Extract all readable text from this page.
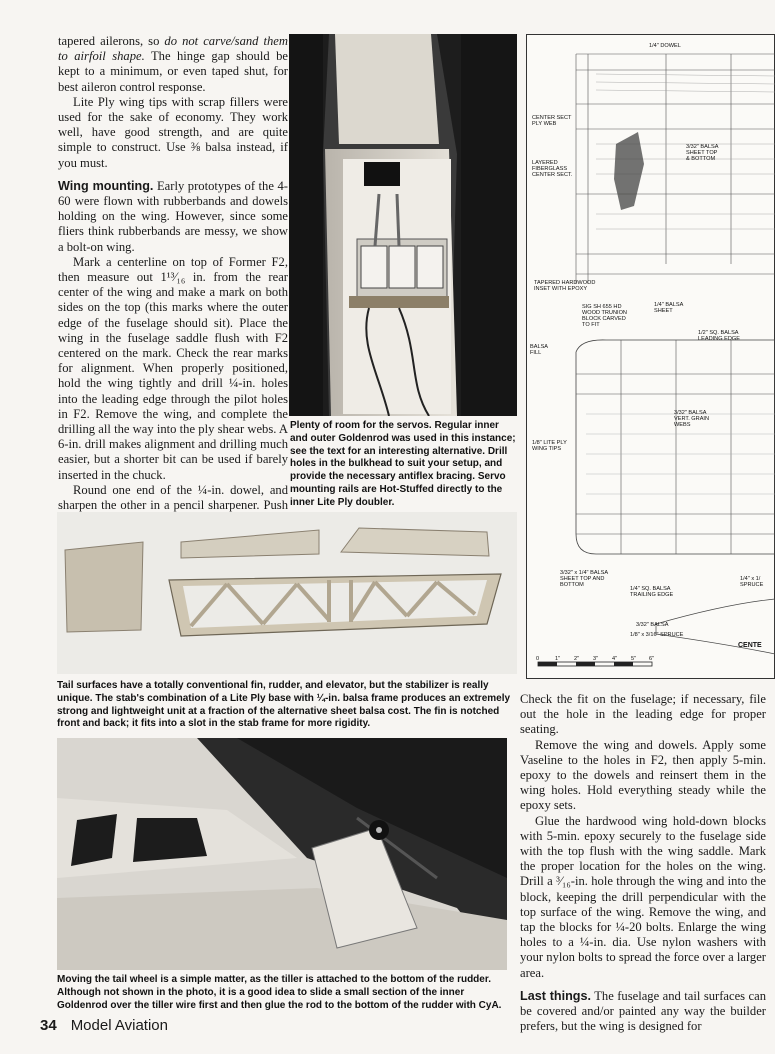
tapered ailerons, so do not carve/sand them to airfoil shape. The hinge gap should be kept to a minimum, or even taped shut, for best aileron control response.

Lite Ply wing tips with scrap fillers were used for the sake of economy. They work well, have good strength, and are quite simple to construct. Use ⅜ balsa instead, if you must.

Wing mounting. Early prototypes of the 4-60 were flown with rubberbands and dowels holding on the wing. However, since some fliers think rubberbands are messy, we show a bolt-on wing.

Mark a centerline on top of Former F2, then measure out 1¹³⁄₁₆ in. from the rear center of the wing and make a mark on both sides on the top (this marks where the outer edge of the fuselage should sit). Place the wing in the fuselage saddle flush with F2 centered on the mark. Check the rear marks for alignment. When properly positioned, hold the wing tightly and drill ¼-in. holes into the leading edge through the pilot holes in F2. Remove the wing, and complete the drilling all the way into the ply shear webs. A 6-in. drill makes alignment and drilling much easier, but a shorter bit can be used if barely inserted in the chuck.

Round one end of the ¼-in. dowel, and sharpen the other in a pencil sharpener. Push

Plenty of room for the servos. Regular inner and outer Goldenrod was used in this instance; see the text for an interesting alternative. Drill holes in the bulkhead to suit your setup, and provide the necessary antiflex bracing. Servo mounting rails are Hot-Stuffed directly to the inner Lite Ply doubler.
1/4" DOWEL
CENTER SECT
PLY WEB
3/32" BALSA
SHEET TOP
& BOTTOM
LAYERED
FIBERGLASS
CENTER SECT.
TAPERED HARDWOOD
INSET WITH EPOXY
SIG SH 655 HD
WOOD TRUNION
BLOCK CARVED
TO FIT
1/4" BALSA
SHEET
1/2" SQ. BALSA
LEADING EDGE
BALSA
FILL
3/32" BALSA
VERT. GRAIN
WEBS
1/8" LITE PLY
WING TIPS
3/32" x 1/4" BALSA
SHEET TOP AND
BOTTOM
1/4" SQ. BALSA
TRAILING EDGE
1/4" x 1/
SPRUCE
3/32" BALSA
1/8" x 3/16" SPRUCE
CENTE
0	1" 2" 3" 4" 5" 6"
Tail surfaces have a totally conventional fin, rudder, and elevator, but the stabilizer is really unique. The stab's combination of a Lite Ply base with ¼-in. balsa frame produces an extremely strong and lightweight unit at a fraction of the alternative sheet balsa cost. The fin is notched front and back; it fits into a slot in the stab frame for more rigidity.
Moving the tail wheel is a simple matter, as the tiller is attached to the bottom of the rudder. Although not shown in the photo, it is a good idea to slide a small section of the inner Goldenrod over the tiller wire first and then glue the rod to the bottom of the rudder with CyA.

Check the fit on the fuselage; if necessary, file out the hole in the leading edge for proper seating.

Remove the wing and dowels. Apply some Vaseline to the holes in F2, then apply 5-min. epoxy to the dowels and reinsert them in the wing holes. Hold everything steady while the epoxy sets.

Glue the hardwood wing hold-down blocks with 5-min. epoxy securely to the fuselage side with the top flush with the wing saddle. Mark the proper location for the holes on the wing. Drill a ³⁄₁₆-in. hole through the wing and into the block, keeping the drill perpendicular with the top surface of the wing. Remove the wing, and tap the blocks for ¼-20 bolts. Enlarge the wing holes to a ¼-in. dia. Use nylon washers with your nylon bolts to spread the force over a larger area.

Last things. The fuselage and tail surfaces can be covered and/or painted any way the builder prefers, but the wing is designed for

34 Model Aviation
